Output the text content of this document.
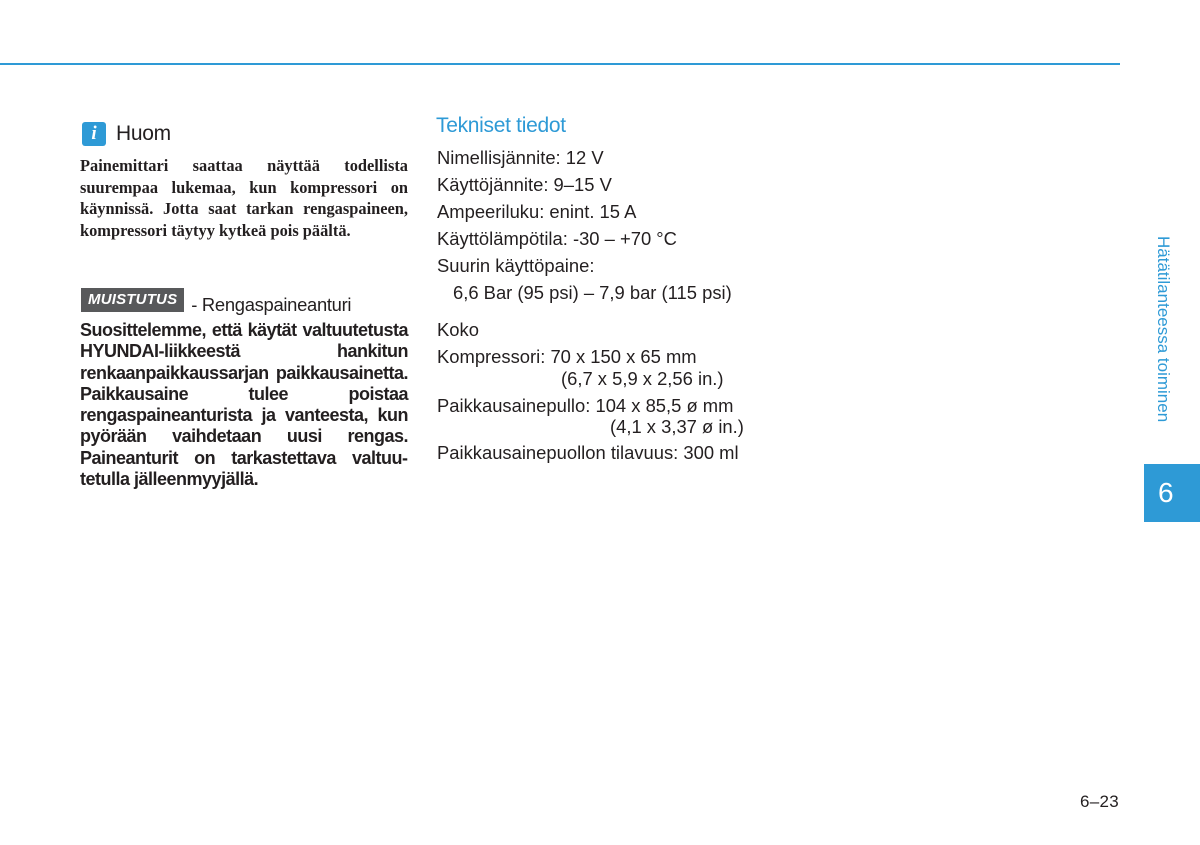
i Huom

Painemittari saattaa näyttää todellista suurempaa lukemaa, kun kompressori on käynnissä. Jotta saat tarkan rengaspaineen, kompressori täytyy kytkeä pois päältä.

MUISTUTUS - Rengaspaineanturi

Suosittelemme, että käytät valtuutetusta HYUNDAI-liikkeestä hankitun renkaanpaikkaussarjan paikkausainetta. Paikkausaine tulee poistaa rengaspaineanturista ja vanteesta, kun pyörään vaihdetaan uusi rengas. Paineanturit on tarkastettava valtuutetulla jälleenmyyjällä.

Tekniset tiedot
Nimellisjännite: 12 V
Käyttöjännite: 9–15 V
Ampeeriluku: enint. 15 A
Käyttölämpötila: -30 – +70 °C
Suurin käyttöpaine:
6,6 Bar (95 psi) – 7,9 bar (115 psi)
Koko
Kompressori: 70 x 150 x 65 mm
(6,7 x 5,9 x 2,56 in.)
Paikkausainepullo: 104 x 85,5 ø mm
(4,1 x 3,37 ø in.)
Paikkausainepuollon tilavuus: 300 ml
Hätätilanteessa toiminen
6
6–23
